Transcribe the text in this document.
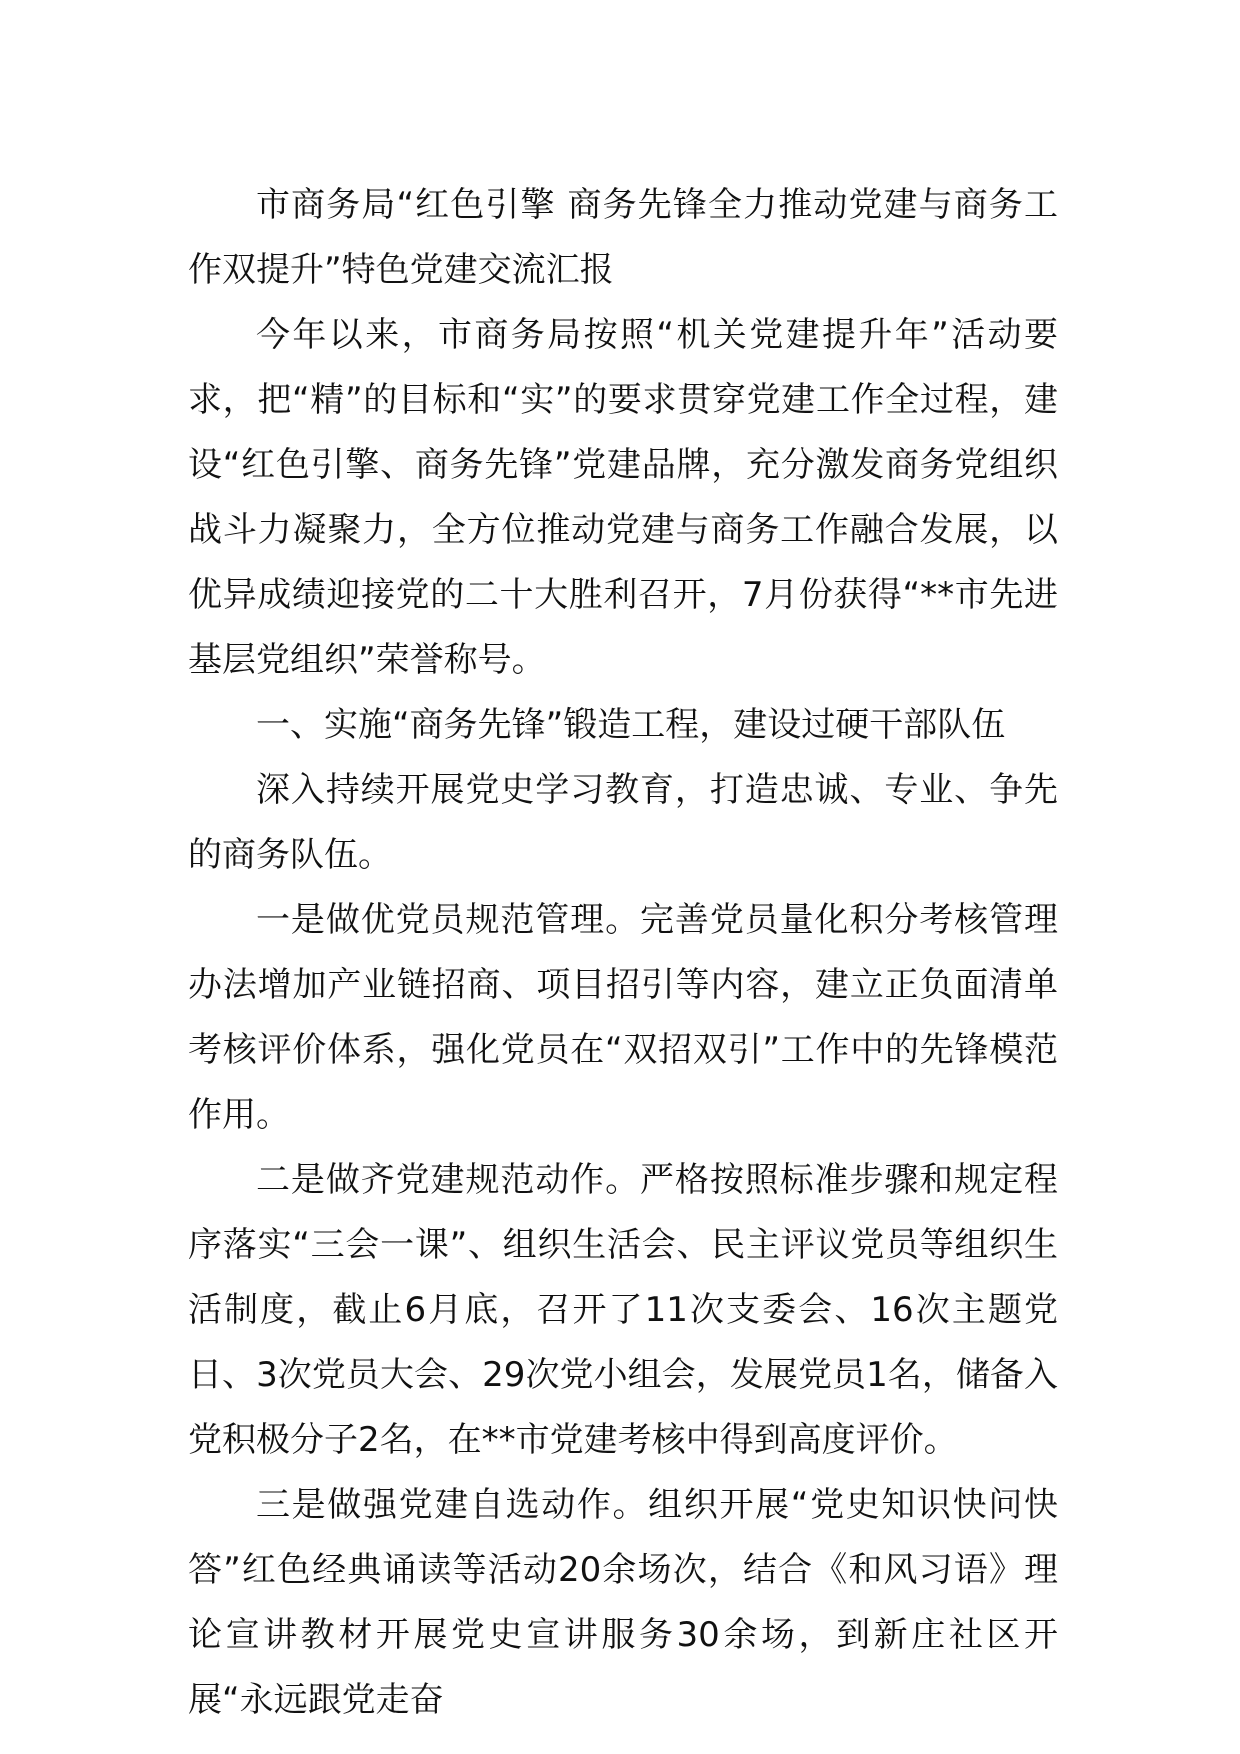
市商务局“红色引擎 商务先锋全力推动党建与商务工作双提升”特色党建交流汇报

今年以来，市商务局按照“机关党建提升年”活动要求，把“精”的目标和“实”的要求贯穿党建工作全过程，建设“红色引擎、商务先锋”党建品牌，充分激发商务党组织战斗力凝聚力，全方位推动党建与商务工作融合发展，以优异成绩迎接党的二十大胜利召开，7月份获得“**市先进基层党组织”荣誉称号。

一、实施“商务先锋”锻造工程，建设过硬干部队伍

深入持续开展党史学习教育，打造忠诚、专业、争先的商务队伍。

一是做优党员规范管理。完善党员量化积分考核管理办法增加产业链招商、项目招引等内容，建立正负面清单考核评价体系，强化党员在“双招双引”工作中的先锋模范作用。

二是做齐党建规范动作。严格按照标准步骤和规定程序落实“三会一课”、组织生活会、民主评议党员等组织生活制度，截止6月底，召开了11次支委会、16次主题党日、3次党员大会、29次党小组会，发展党员1名，储备入党积极分子2名，在**市党建考核中得到高度评价。

三是做强党建自选动作。组织开展“党史知识快问快答”红色经典诵读等活动20余场次，结合《和风习语》理论宣讲教材开展党史宣讲服务30余场，到新庄社区开展“永远跟党走奋
